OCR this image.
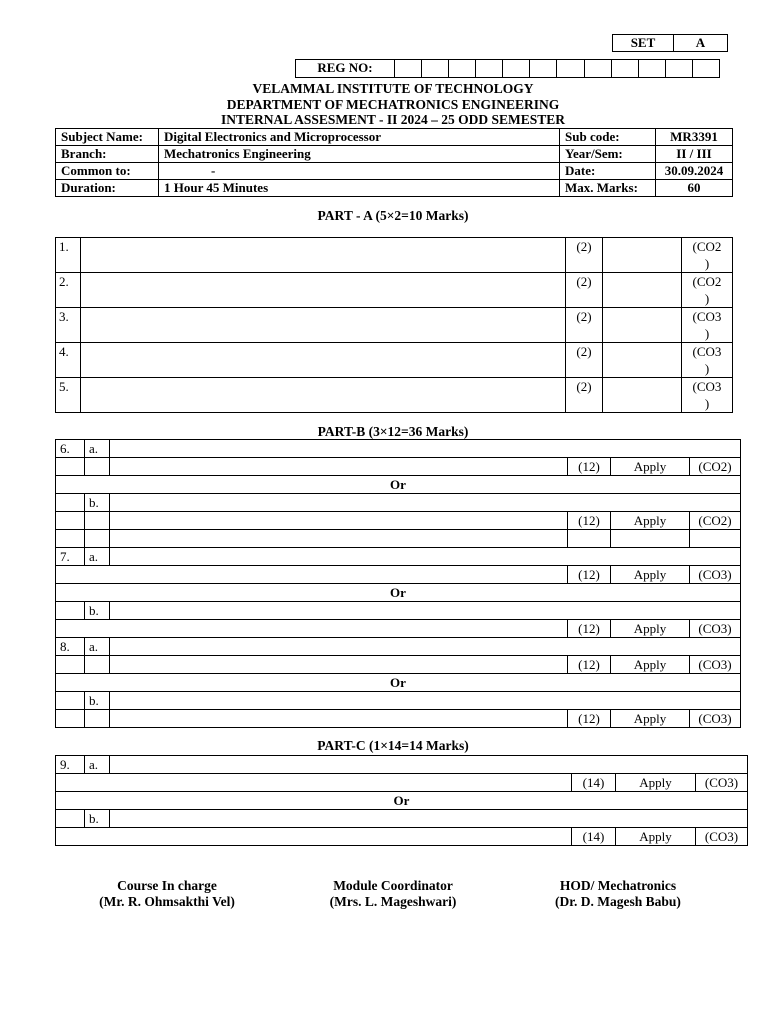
SET	A
REG NO:												
VELAMMAL INSTITUTE OF TECHNOLOGY
DEPARTMENT OF MECHATRONICS ENGINEERING
INTERNAL ASSESMENT - II 2024 – 25 ODD SEMESTER
Subject Name:	Digital Electronics and Microprocessor	Sub code:	MR3391
Branch:	Mechatronics Engineering	Year/Sem:	II / III
Common to:	-	Date:	30.09.2024
Duration:	1 Hour 45 Minutes	Max. Marks:	60
PART - A (5×2=10 Marks)
1.		(2)		(CO2
)
2.		(2)		(CO2
)
3.		(2)		(CO3
)
4.		(2)		(CO3
)
5.		(2)		(CO3
)
PART-B (3×12=36 Marks)
6.	a.				
			(12)	Apply	(CO2)
Or					
	b.				
			(12)	Apply	(CO2)

7.	a.				
			(12)	Apply	(CO3)
Or					
	b.				
			(12)	Apply	(CO3)
8.	a.				
			(12)	Apply	(CO3)
Or					
	b.				
			(12)	Apply	(CO3)
PART-C (1×14=14 Marks)
9.	a.				
			(14)	Apply	(CO3)
Or					
	b.				
			(14)	Apply	(CO3)
Course In charge
(Mr. R. Ohmsakthi Vel)
Module Coordinator
(Mrs. L. Mageshwari)
HOD/ Mechatronics
(Dr. D. Magesh Babu)
